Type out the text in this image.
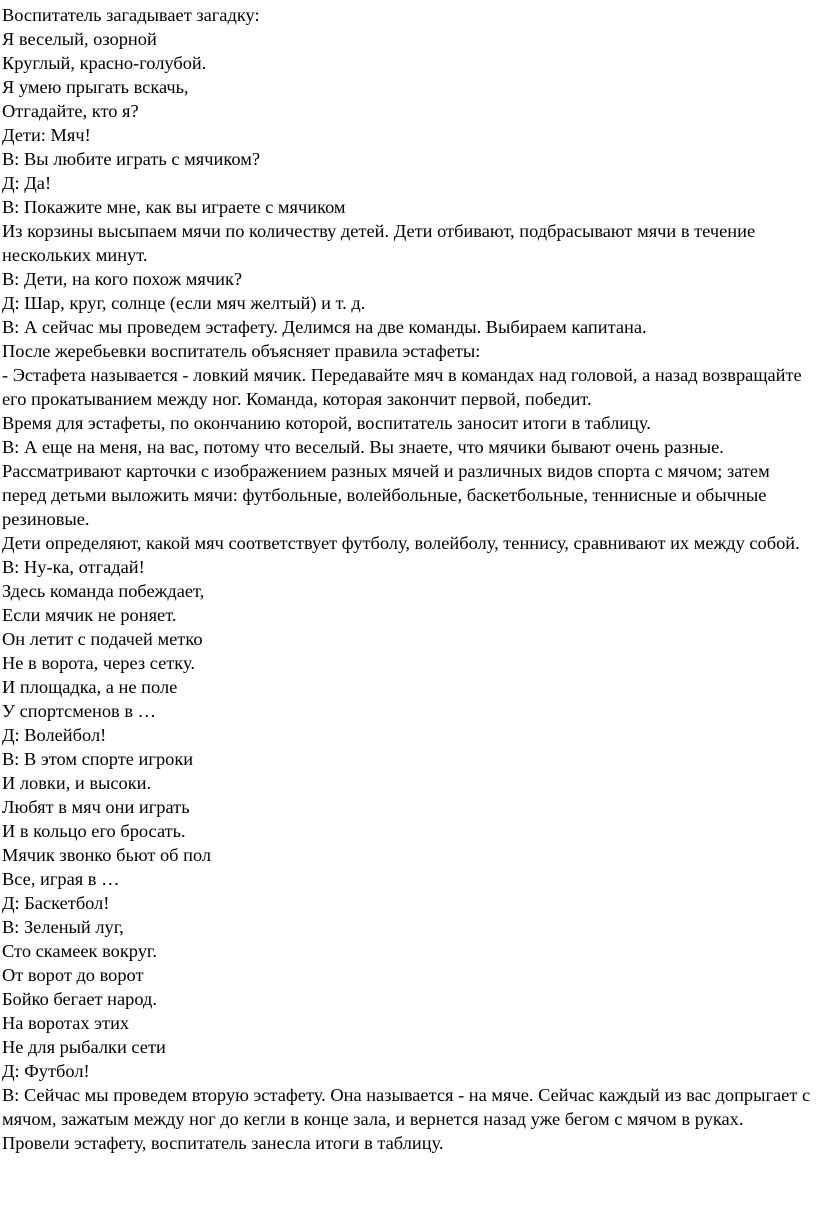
Воспитатель загадывает загадку:

Я веселый, озорной

Круглый, красно-голубой.

Я умею прыгать вскачь,

Отгадайте, кто я?

Дети: Мяч!

В: Вы любите играть с мячиком?

Д: Да!

В: Покажите мне, как вы играете с мячиком

Из корзины высыпаем мячи по количеству детей. Дети отбивают, подбрасывают мячи в течение нескольких минут.

В: Дети, на кого похож мячик?

Д: Шар, круг, солнце (если мяч желтый) и т. д.

В: А сейчас мы проведем эстафету. Делимся на две команды. Выбираем капитана.

После жеребьевки воспитатель объясняет правила эстафеты:

- Эстафета называется - ловкий мячик. Передавайте мяч в командах над головой, а назад возвращайте его прокатыванием между ног. Команда, которая закончит первой, победит.

Время для эстафеты, по окончанию которой, воспитатель заносит итоги в таблицу.

В: А еще на меня, на вас, потому что веселый. Вы знаете, что мячики бывают очень разные.

Рассматривают карточки с изображением разных мячей и различных видов спорта с мячом; затем перед детьми выложить мячи: футбольные, волейбольные, баскетбольные, теннисные и обычные резиновые.

Дети определяют, какой мяч соответствует футболу, волейболу, теннису, сравнивают их между собой.

В: Ну-ка, отгадай!

Здесь команда побеждает,

Если мячик не роняет.

Он летит с подачей метко

Не в ворота, через сетку.

И площадка, а не поле

У спортсменов в …

Д: Волейбол!

В: В этом спорте игроки

И ловки, и высоки.

Любят в мяч они играть

И в кольцо его бросать.

Мячик звонко бьют об пол

Все, играя в …

Д: Баскетбол!

В: Зеленый луг,

Сто скамеек вокруг.

От ворот до ворот

Бойко бегает народ.

На воротах этих

Не для рыбалки сети

Д: Футбол!

В: Сейчас мы проведем вторую эстафету. Она называется - на мяче. Сейчас каждый из вас допрыгает с мячом, зажатым между ног до кегли в конце зала, и вернется назад уже бегом с мячом в руках.

Провели эстафету, воспитатель занесла итоги в таблицу.
